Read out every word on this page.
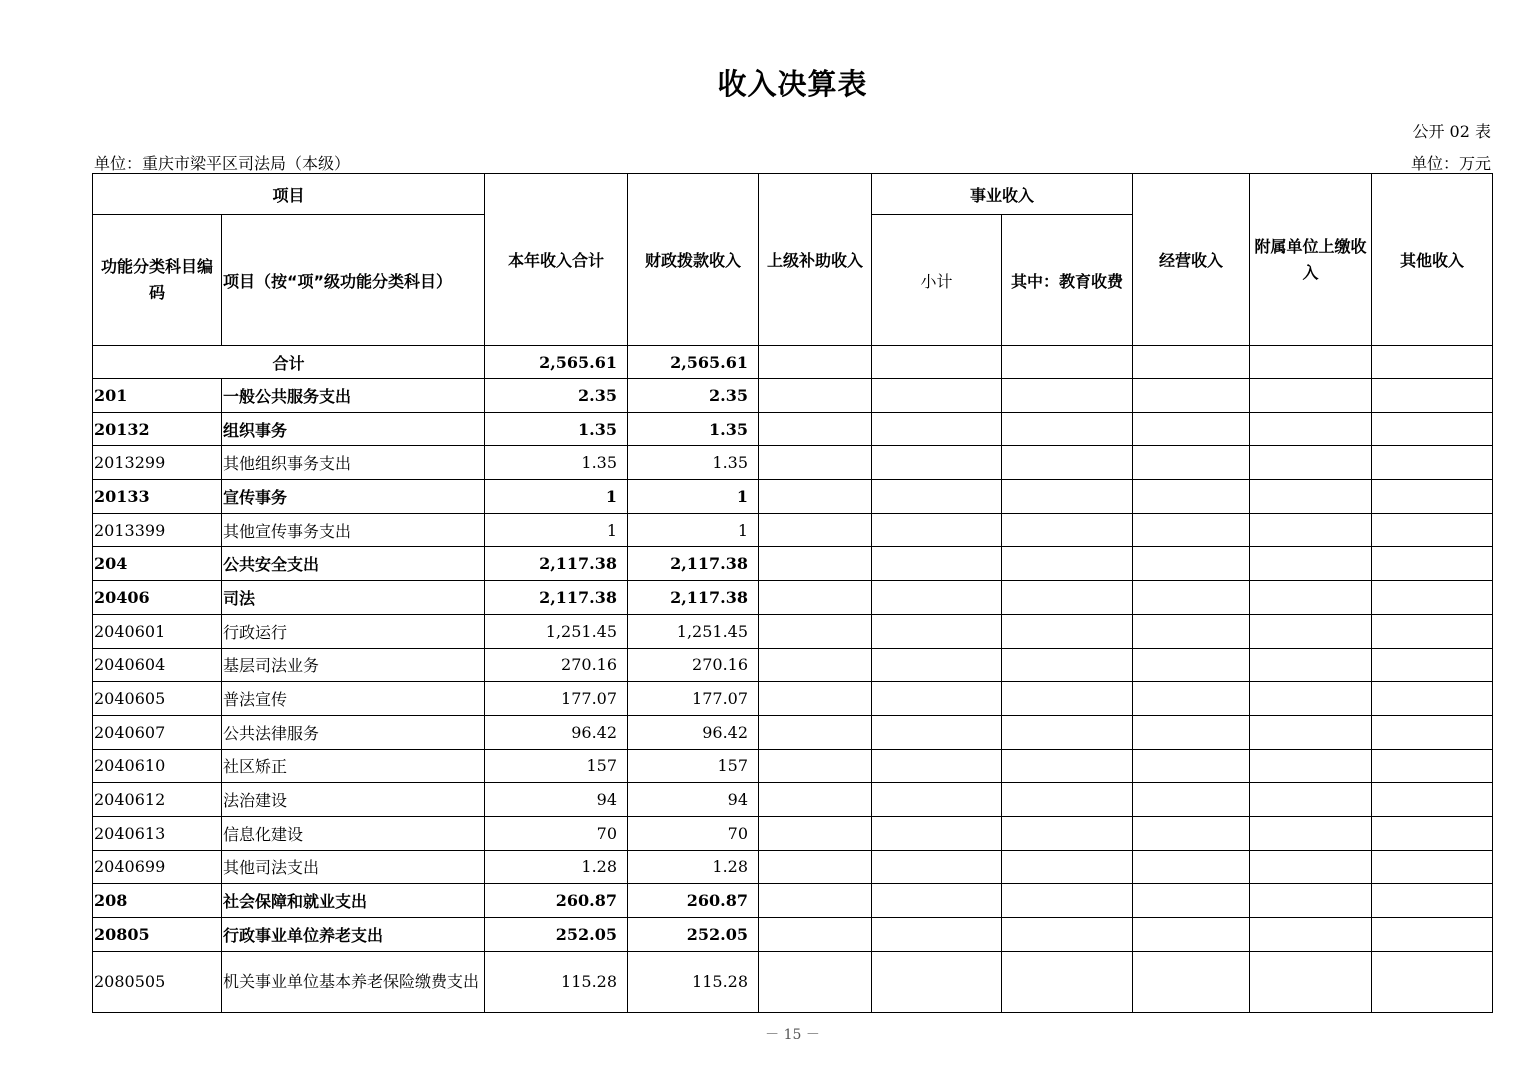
收入决算表
公开 02 表
单位：重庆市梁平区司法局（本级）	单位：万元
项目		本年收入合计	财政拨款收入	上级补助收入	事业收入		经营收入	附属单位上缴收入	其他收入
功能分类科目编码	项目（按“项”级功能分类科目）				小计	其中：教育收费			
合计		2,565.61	2,565.61						
201	一般公共服务支出	2.35	2.35						
20132	组织事务	1.35	1.35						
2013299	其他组织事务支出	1.35	1.35						
20133	宣传事务	1	1						
2013399	其他宣传事务支出	1	1						
204	公共安全支出	2,117.38	2,117.38						
20406	司法	2,117.38	2,117.38						
2040601	行政运行	1,251.45	1,251.45						
2040604	基层司法业务	270.16	270.16						
2040605	普法宣传	177.07	177.07						
2040607	公共法律服务	96.42	96.42						
2040610	社区矫正	157	157						
2040612	法治建设	94	94						
2040613	信息化建设	70	70						
2040699	其他司法支出	1.28	1.28						
208	社会保障和就业支出	260.87	260.87						
20805	行政事业单位养老支出	252.05	252.05						
2080505	机关事业单位基本养老保险缴费支出	115.28	115.28						
－ 15 －
